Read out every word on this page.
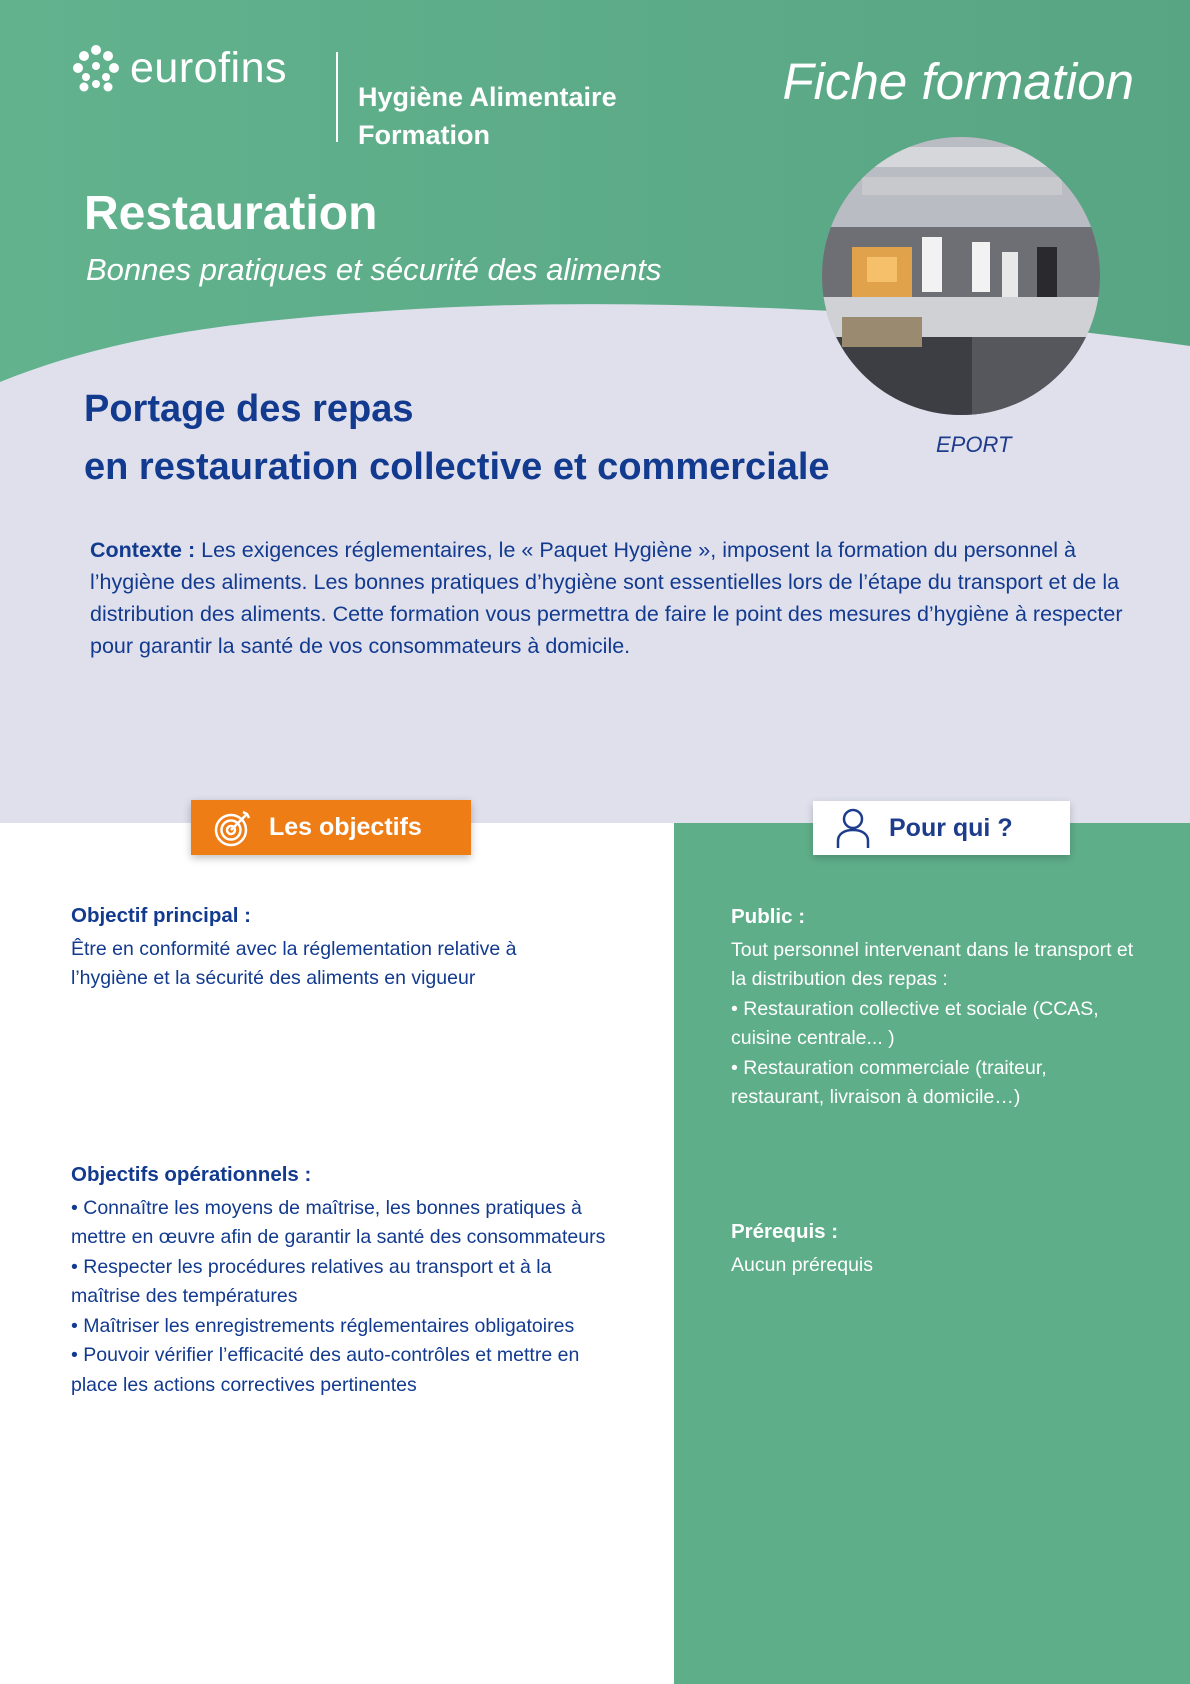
eurofins
Hygiène Alimentaire
Formation
Fiche formation
Restauration
Bonnes pratiques et sécurité des aliments
EPORT
Portage des repas
en restauration collective et commerciale
Contexte : Les exigences réglementaires, le « Paquet Hygiène », imposent la formation du personnel à l’hygiène des aliments. Les bonnes pratiques d’hygiène sont essentielles lors de l’étape du transport et de la distribution des aliments. Cette formation vous permettra de faire le point des mesures d’hygiène à respecter pour garantir la santé de vos consommateurs à domicile.
Les objectifs	Pour qui ?
Objectif principal :
Être en conformité avec la réglementation relative à
l’hygiène et la sécurité des aliments en vigueur
Objectifs opérationnels :
• Connaître les moyens de maîtrise, les bonnes pratiques à mettre en œuvre afin de garantir la santé des consommateurs
• Respecter les procédures relatives au transport et à la maîtrise des températures
• Maîtriser les enregistrements réglementaires obligatoires
• Pouvoir vérifier l’efficacité des auto-contrôles et mettre en place les actions correctives pertinentes
Public :
Tout personnel intervenant dans le transport et la distribution des repas :
• Restauration collective et sociale (CCAS, cuisine centrale... )
• Restauration commerciale (traiteur, restaurant, livraison à domicile…)
Prérequis :
Aucun prérequis
